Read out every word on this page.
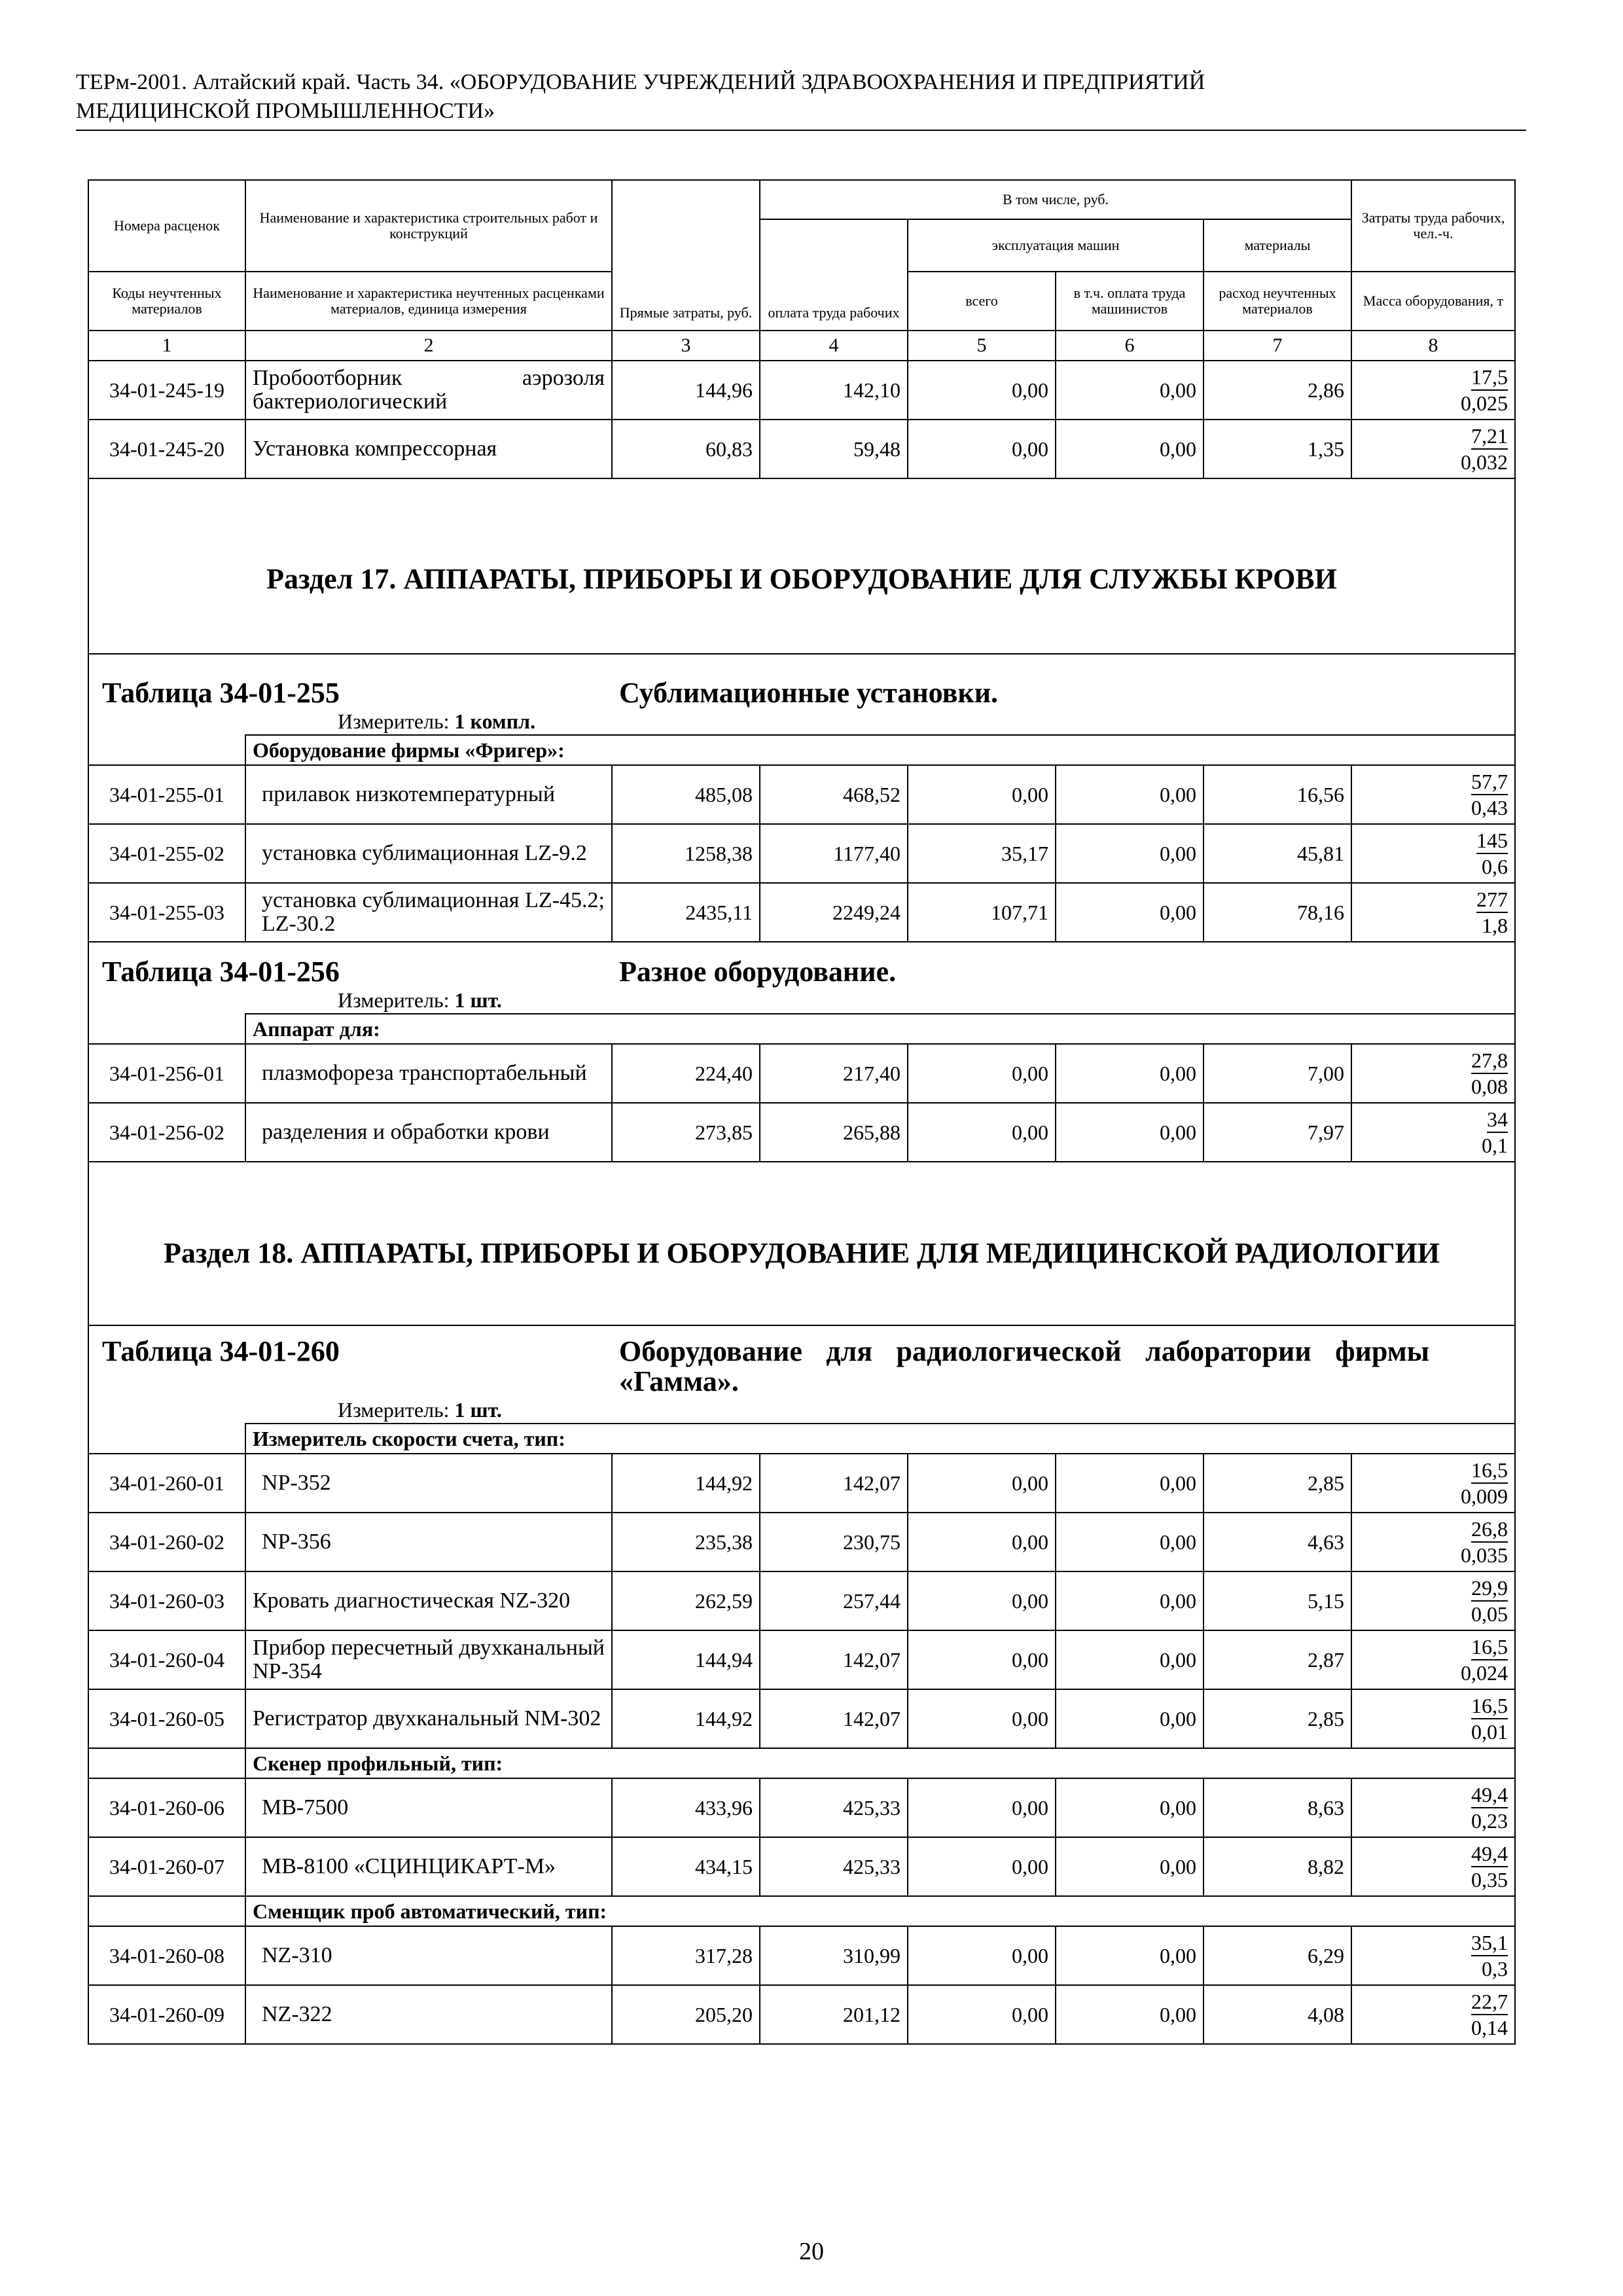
ТЕРм-2001. Алтайский край. Часть 34. «ОБОРУДОВАНИЕ УЧРЕЖДЕНИЙ ЗДРАВООХРАНЕНИЯ И ПРЕДПРИЯТИЙ
МЕДИЦИНСКОЙ ПРОМЫШЛЕННОСТИ»
Номера расценок	Наименование и характеристика строительных работ и конструкций	Прямые затраты, руб.	В том числе, руб.				Затраты труда рабочих, чел.-ч.
			оплата труда рабочих	эксплуатация машин		материалы	
Коды неучтенных материалов	Наименование и характеристика неучтенных расценками материалов, единица измерения			всего	в т.ч. оплата труда машинистов	расход неучтенных материалов	Масса оборудования, т
1	2	3	4	5	6	7	8
34-01-245-19	Пробоотборник аэрозоля бактериологический	144,96	142,10	0,00	0,00	2,86	17,5
0,025

34-01-245-20	Установка компрессорная	60,83	59,48	0,00	0,00	1,35	7,21
0,032

Раздел 17. АППАРАТЫ, ПРИБОРЫ И ОБОРУДОВАНИЕ ДЛЯ СЛУЖБЫ КРОВИ							

Таблица 34-01-255 Сублимационные установки.
Измеритель: 1 компл.							

	Оборудование фирмы «Фригер»:						
34-01-255-01	прилавок низкотемпературный	485,08	468,52	0,00	0,00	16,56	57,7
0,43

34-01-255-02	установка сублимационная LZ-9.2	1258,38	1177,40	35,17	0,00	45,81	145
0,6

34-01-255-03	установка сублимационная LZ-45.2; LZ-30.2	2435,11	2249,24	107,71	0,00	78,16	277
1,8

Таблица 34-01-256 Разное оборудование.
Измеритель: 1 шт.							

	Аппарат для:						
34-01-256-01	плазмофореза транспортабельный	224,40	217,40	0,00	0,00	7,00	27,8
0,08

34-01-256-02	разделения и обработки крови	273,85	265,88	0,00	0,00	7,97	34
0,1

Раздел 18. АППАРАТЫ, ПРИБОРЫ И ОБОРУДОВАНИЕ ДЛЯ МЕДИЦИНСКОЙ РАДИОЛОГИИ							

Таблица 34-01-260 Оборудование для радиологической лаборатории фирмы «Гамма».
Измеритель: 1 шт.							

	Измеритель скорости счета, тип:						
34-01-260-01	NP-352	144,92	142,07	0,00	0,00	2,85	16,5
0,009

34-01-260-02	NP-356	235,38	230,75	0,00	0,00	4,63	26,8
0,035

34-01-260-03	Кровать диагностическая NZ-320	262,59	257,44	0,00	0,00	5,15	29,9
0,05

34-01-260-04	Прибор пересчетный двухканальный NP-354	144,94	142,07	0,00	0,00	2,87	16,5
0,024

34-01-260-05	Регистратор двухканальный NM-302	144,92	142,07	0,00	0,00	2,85	16,5
0,01

	Скенер профильный, тип:						
34-01-260-06	MB-7500	433,96	425,33	0,00	0,00	8,63	49,4
0,23

34-01-260-07	MB-8100 «СЦИНЦИКАРТ-М»	434,15	425,33	0,00	0,00	8,82	49,4
0,35

	Сменщик проб автоматический, тип:						
34-01-260-08	NZ-310	317,28	310,99	0,00	0,00	6,29	35,1
0,3

34-01-260-09	NZ-322	205,20	201,12	0,00	0,00	4,08	22,7
0,14
20
